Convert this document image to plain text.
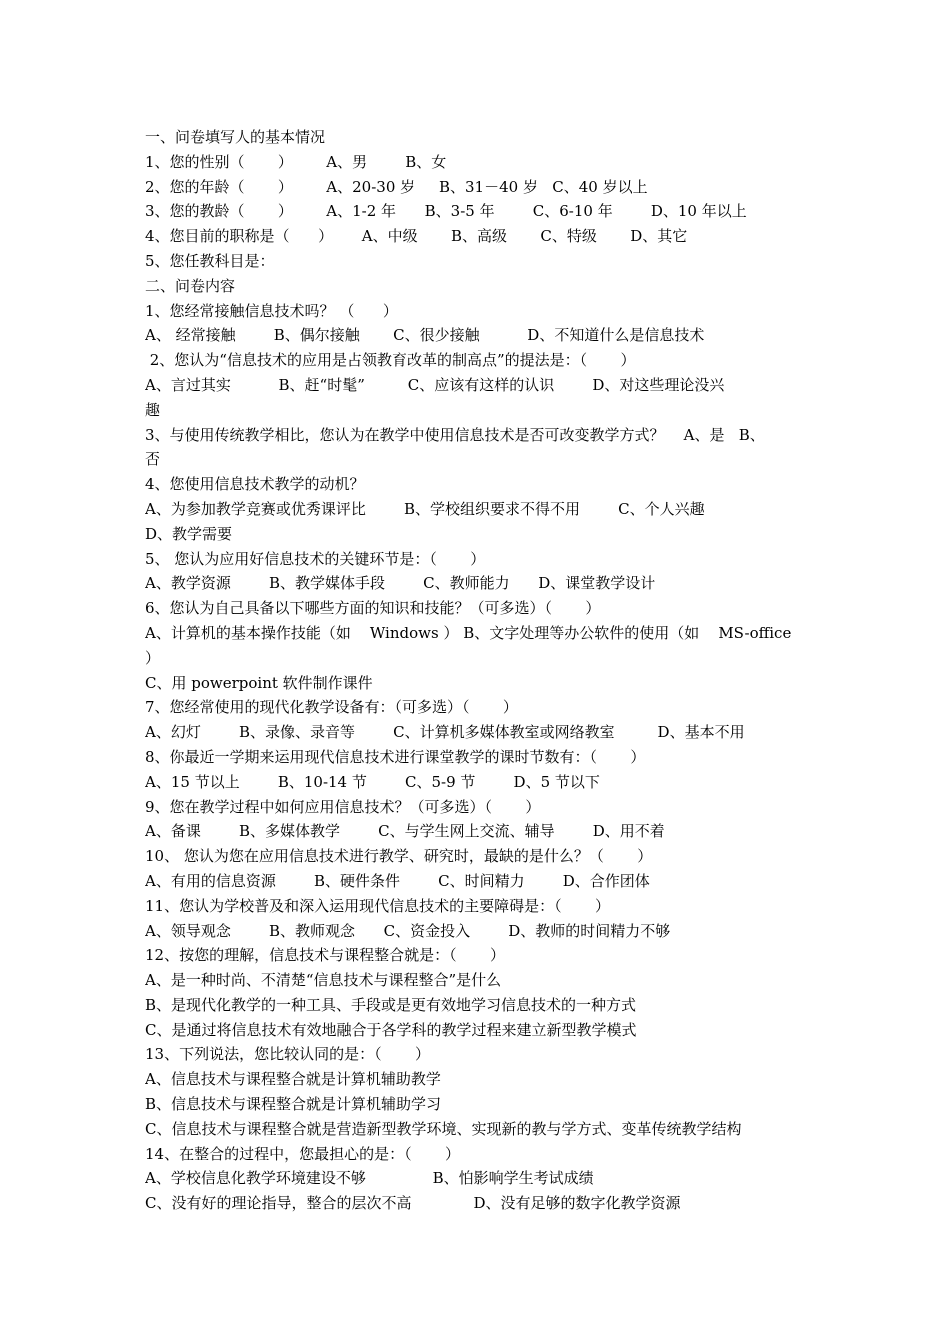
一、问卷填写人的基本情况
1、您的性别（       ）       A、男        B、女
2、您的年龄（       ）       A、20-30 岁     B、31－40 岁   C、40 岁以上
3、您的教龄（       ）       A、1-2 年      B、3-5 年        C、6-10 年        D、10 年以上
4、您目前的职称是（      ）      A、中级       B、高级       C、特级       D、其它
5、您任教科目是：
二、问卷内容
1、您经常接触信息技术吗？ （      ）
A、 经常接触        B、偶尔接触       C、很少接触          D、不知道什么是信息技术
2、您认为“信息技术的应用是占领教育改革的制高点”的提法是：（       ）
A、言过其实          B、赶“时髦”         C、应该有这样的认识        D、对这些理论没兴
趣
3、与使用传统教学相比，您认为在教学中使用信息技术是否可改变教学方式？    A、是   B、
否
4、您使用信息技术教学的动机？
A、为参加教学竞赛或优秀课评比        B、学校组织要求不得不用        C、个人兴趣
D、教学需要
5、 您认为应用好信息技术的关键环节是：（       ）
A、教学资源        B、教学媒体手段        C、教师能力      D、课堂教学设计
6、您认为自己具备以下哪些方面的知识和技能？（可多选）（       ）
A、计算机的基本操作技能（如    Windows ） B、文字处理等办公软件的使用（如    MS-office
）
C、用 powerpoint 软件制作课件
7、您经常使用的现代化教学设备有：（可多选）（       ）
A、幻灯        B、录像、录音等        C、计算机多媒体教室或网络教室         D、基本不用
8、你最近一学期来运用现代信息技术进行课堂教学的课时节数有：（       ）
A、15 节以上        B、10-14 节        C、5-9 节        D、5 节以下
9、您在教学过程中如何应用信息技术？（可多选）（       ）
A、备课        B、多媒体教学        C、与学生网上交流、辅导        D、用不着
10、 您认为您在应用信息技术进行教学、研究时，最缺的是什么？（       ）
A、有用的信息资源        B、硬件条件        C、时间精力        D、合作团体
11、您认为学校普及和深入运用现代信息技术的主要障碍是：（       ）
A、领导观念        B、教师观念      C、资金投入        D、教师的时间精力不够
12、按您的理解，信息技术与课程整合就是：（       ）
A、是一种时尚、不清楚“信息技术与课程整合”是什么
B、是现代化教学的一种工具、手段或是更有效地学习信息技术的一种方式
C、是通过将信息技术有效地融合于各学科的教学过程来建立新型教学模式
13、下列说法，您比较认同的是：（       ）
A、信息技术与课程整合就是计算机辅助教学
B、信息技术与课程整合就是计算机辅助学习
C、信息技术与课程整合就是营造新型教学环境、实现新的教与学方式、变革传统教学结构
14、在整合的过程中，您最担心的是：（       ）
A、学校信息化教学环境建设不够              B、怕影响学生考试成绩
C、没有好的理论指导，整合的层次不高             D、没有足够的数字化教学资源
